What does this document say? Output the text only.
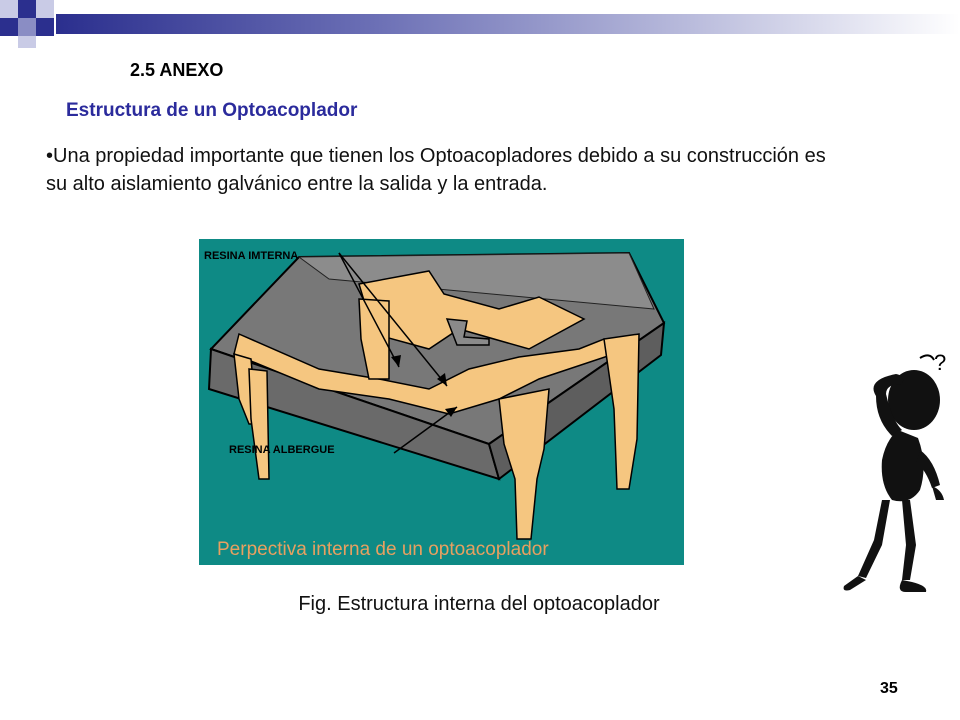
2.5 ANEXO
Estructura de un Optoacoplador
•Una propiedad importante que tienen los Optoacopladores debido a su construcción es su alto aislamiento galvánico entre la salida y la entrada.
RESINA IMTERNA
RESINA ALBERGUE
Perpectiva interna de un optoacoplador
Fig. Estructura interna del optoacoplador
?
35
